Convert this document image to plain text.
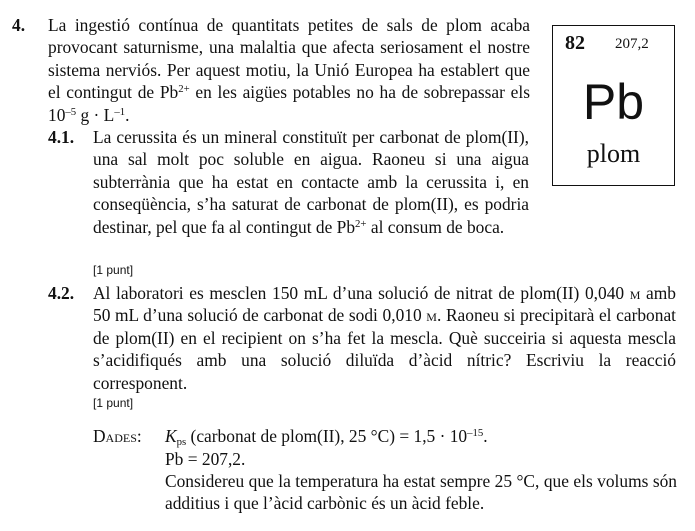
4. La ingestió contínua de quantitats petites de sals de plom acaba provocant saturnisme, una malaltia que afecta seriosament el nostre sistema nerviós. Per aquest motiu, la Unió Europea ha establert que el contingut de $Pb^{2+}$ en les aigües potables no ha de sobrepassar els $10^{-5}$ $g \cdot L^{-1}$.
82 207,2
Pb
plom
4.1. La cerussita és un mineral constituït per carbonat de plom(II), una sal molt poc soluble en aigua. Raoneu si una aigua subterrània que ha estat en contacte amb la cerussita i, en conseqüència, s’ha saturat de carbonat de plom(II), es podria destinar, pel que fa al contingut de $Pb^{2+}$ al consum de boca.
[1 punt]
4.2. Al laboratori es mesclen 150 mL d’una solució de nitrat de plom(II) 0,040 m amb 50 mL d’una solució de carbonat de sodi 0,010 m. Raoneu si precipitarà el carbonat de plom(II) en el recipient on s’ha fet la mescla. Què succeiria si aquesta mescla s’acidifiqués amb una solució diluïda d’àcid nítric? Escriviu la reacció corresponent.
[1 punt]
Dades: $K_{ps}$ (carbonat de plom(II), 25 $^\circ C) = 1,5 \cdot 10^{-15}$.
Pb = 207,2.
Considereu que la temperatura ha estat sempre 25 °C, que els volums són additius i que l’àcid carbònic és un àcid feble.
